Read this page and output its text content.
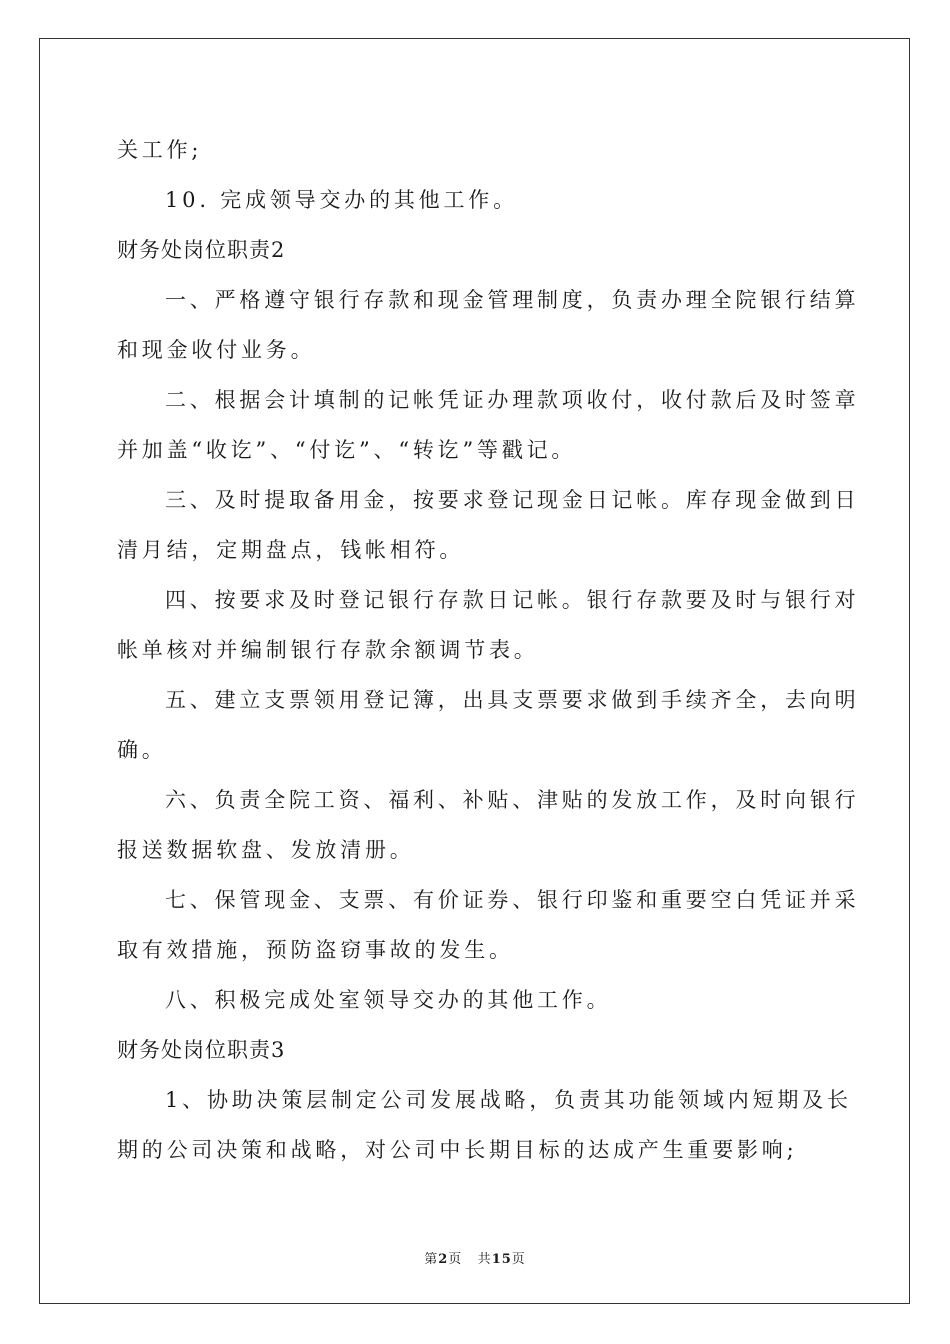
关工作;
10. 完成领导交办的其他工作。
财务处岗位职责2
一、严格遵守银行存款和现金管理制度，负责办理全院银行结算
和现金收付业务。
二、根据会计填制的记帐凭证办理款项收付，收付款后及时签章
并加盖“收讫”、“付讫”、“转讫”等戳记。
三、及时提取备用金，按要求登记现金日记帐。库存现金做到日
清月结，定期盘点，钱帐相符。
四、按要求及时登记银行存款日记帐。银行存款要及时与银行对
帐单核对并编制银行存款余额调节表。
五、建立支票领用登记簿，出具支票要求做到手续齐全，去向明
确。
六、负责全院工资、福利、补贴、津贴的发放工作，及时向银行
报送数据软盘、发放清册。
七、保管现金、支票、有价证券、银行印鉴和重要空白凭证并采
取有效措施，预防盗窃事故的发生。
八、积极完成处室领导交办的其他工作。
财务处岗位职责3
1、协助决策层制定公司发展战略，负责其功能领域内短期及长
期的公司决策和战略，对公司中长期目标的达成产生重要影响;
第2页 共15页
